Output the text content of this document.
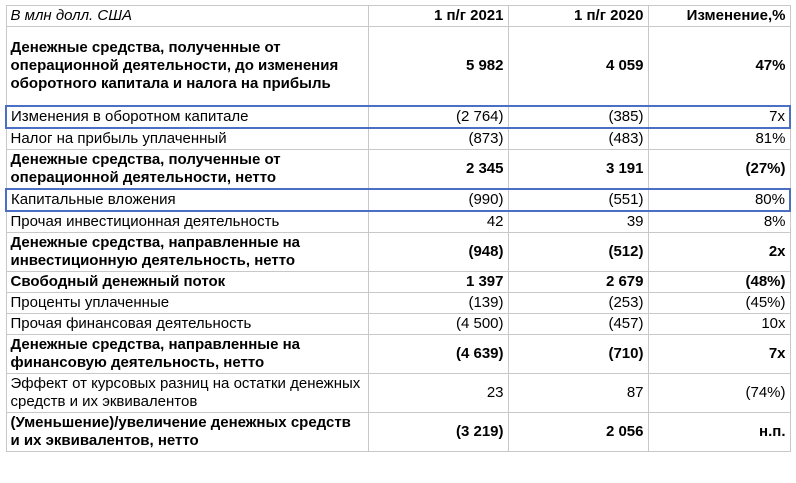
В млн долл. США	1 п/г 2021	1 п/г 2020	Изменение,%
Денежные средства, полученные от операционной деятельности, до изменения оборотного капитала и налога на прибыль	5 982	4 059	47%
Изменения в оборотном капитале	(2 764)	(385)	7x
Налог на прибыль уплаченный	(873)	(483)	81%
Денежные средства, полученные от операционной деятельности, нетто	2 345	3 191	(27%)
Капитальные вложения	(990)	(551)	80%
Прочая инвестиционная деятельность	42	39	8%
Денежные средства, направленные на инвестиционную деятельность, нетто	(948)	(512)	2x
Свободный денежный поток	1 397	2 679	(48%)
Проценты уплаченные	(139)	(253)	(45%)
Прочая финансовая деятельность	(4 500)	(457)	10x
Денежные средства, направленные на финансовую деятельность, нетто	(4 639)	(710)	7x
Эффект от курсовых разниц на остатки денежных средств и их эквивалентов	23	87	(74%)
(Уменьшение)/увеличение денежных средств и их эквивалентов, нетто	(3 219)	2 056	н.п.
